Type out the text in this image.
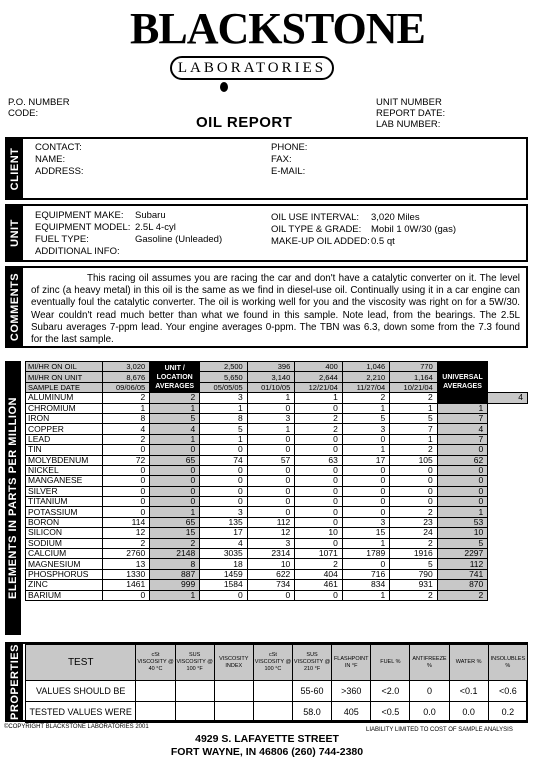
BLACKSTONE
LABORATORIES
P.O. NUMBER
CODE:
UNIT NUMBER
REPORT DATE:
LAB NUMBER:
OIL REPORT
CLIENT CONTACT:
NAME:
ADDRESS:
PHONE:
FAX:
E-MAIL:
UNIT
EQUIPMENT MAKE: Subaru
EQUIPMENT MODEL: 2.5L 4-cyl
FUEL TYPE:	Gasoline (Unleaded)
ADDITIONAL INFO:
OIL USE INTERVAL: 3,020 Miles
OIL TYPE & GRADE: Mobil 1 0W/30 (gas)
MAKE-UP OIL ADDED:0.5 qt
COMMENTS	This racing oil assumes you are racing the car and don't have a catalytic converter on it. The level of zinc (a heavy metal) in this oil is the same as we find in diesel-use oil. Continually using it in a car engine can eventually foul the catalytic converter. The oil is working well for you and the viscosity was right on for a 5W/30. Wear couldn't read much better than what we found in this sample. Note lead, from the bearings. The 2.5L Subaru averages 7-ppm lead. Your engine averages 0-ppm. The TBN was 6.3, down some from the 7.3 found for the last sample.
ELEMENTS IN PARTS PER MILLION
MI/HR ON OIL	3,020	UNIT / LOCATION AVERAGES	2,500	396	400	1,046	770	UNIVERSAL AVERAGES	
MI/HR ON UNIT	8,676		5,650	3,140	2,644	2,210	1,164		
SAMPLE DATE	09/06/05		05/05/05	01/10/05	12/21/04	11/27/04	10/21/04		
ALUMINUM	2	2	3	1	1	2	2		4
CHROMIUM	1	1	1	0	0	1	1	1	
IRON	8	5	8	3	2	5	5	7	
COPPER	4	4	5	1	2	3	7	4	
LEAD	2	1	1	0	0	0	1	7	
TIN	0	0	0	0	0	1	2	0	
MOLYBDENUM	72	65	74	57	63	17	105	62	
NICKEL	0	0	0	0	0	0	0	0	
MANGANESE	0	0	0	0	0	0	0	0	
SILVER	0	0	0	0	0	0	0	0	
TITANIUM	0	0	0	0	0	0	0	0	
POTASSIUM	0	1	3	0	0	0	2	1	
BORON	114	65	135	112	0	3	23	53	
SILICON	12	15	17	12	10	15	24	10	
SODIUM	2	2	4	3	0	1	2	5	
CALCIUM	2760	2148	3035	2314	1071	1789	1916	2297	
MAGNESIUM	13	8	18	10	2	0	5	112	
PHOSPHORUS	1330	887	1459	622	404	716	790	741	
ZINC	1461	999	1584	734	461	834	931	870	
BARIUM	0	1	0	0	0	1	2	2	
PROPERTIES	TEST	cSt VISCOSITY @ 40 °C	SUS VISCOSITY @ 100 °F	VISCOSITY INDEX	cSt VISCOSITY @ 100 °C	SUS VISCOSITY @ 210 °F	FLASHPOINT IN °F	FUEL %	ANTIFREEZE %	WATER %	INSOLUBLES %
VALUES SHOULD BE					55-60	>360	<2.0	0	<0.1	<0.6
TESTED VALUES WERE					58.0	405	<0.5	0.0	0.0	0.2
©COPYRIGHT BLACKSTONE LABORATORIES 2001	LIABILITY LIMITED TO COST OF SAMPLE ANALYSIS
4929 S. LAFAYETTE STREET
FORT WAYNE, IN 46806 (260) 744-2380
